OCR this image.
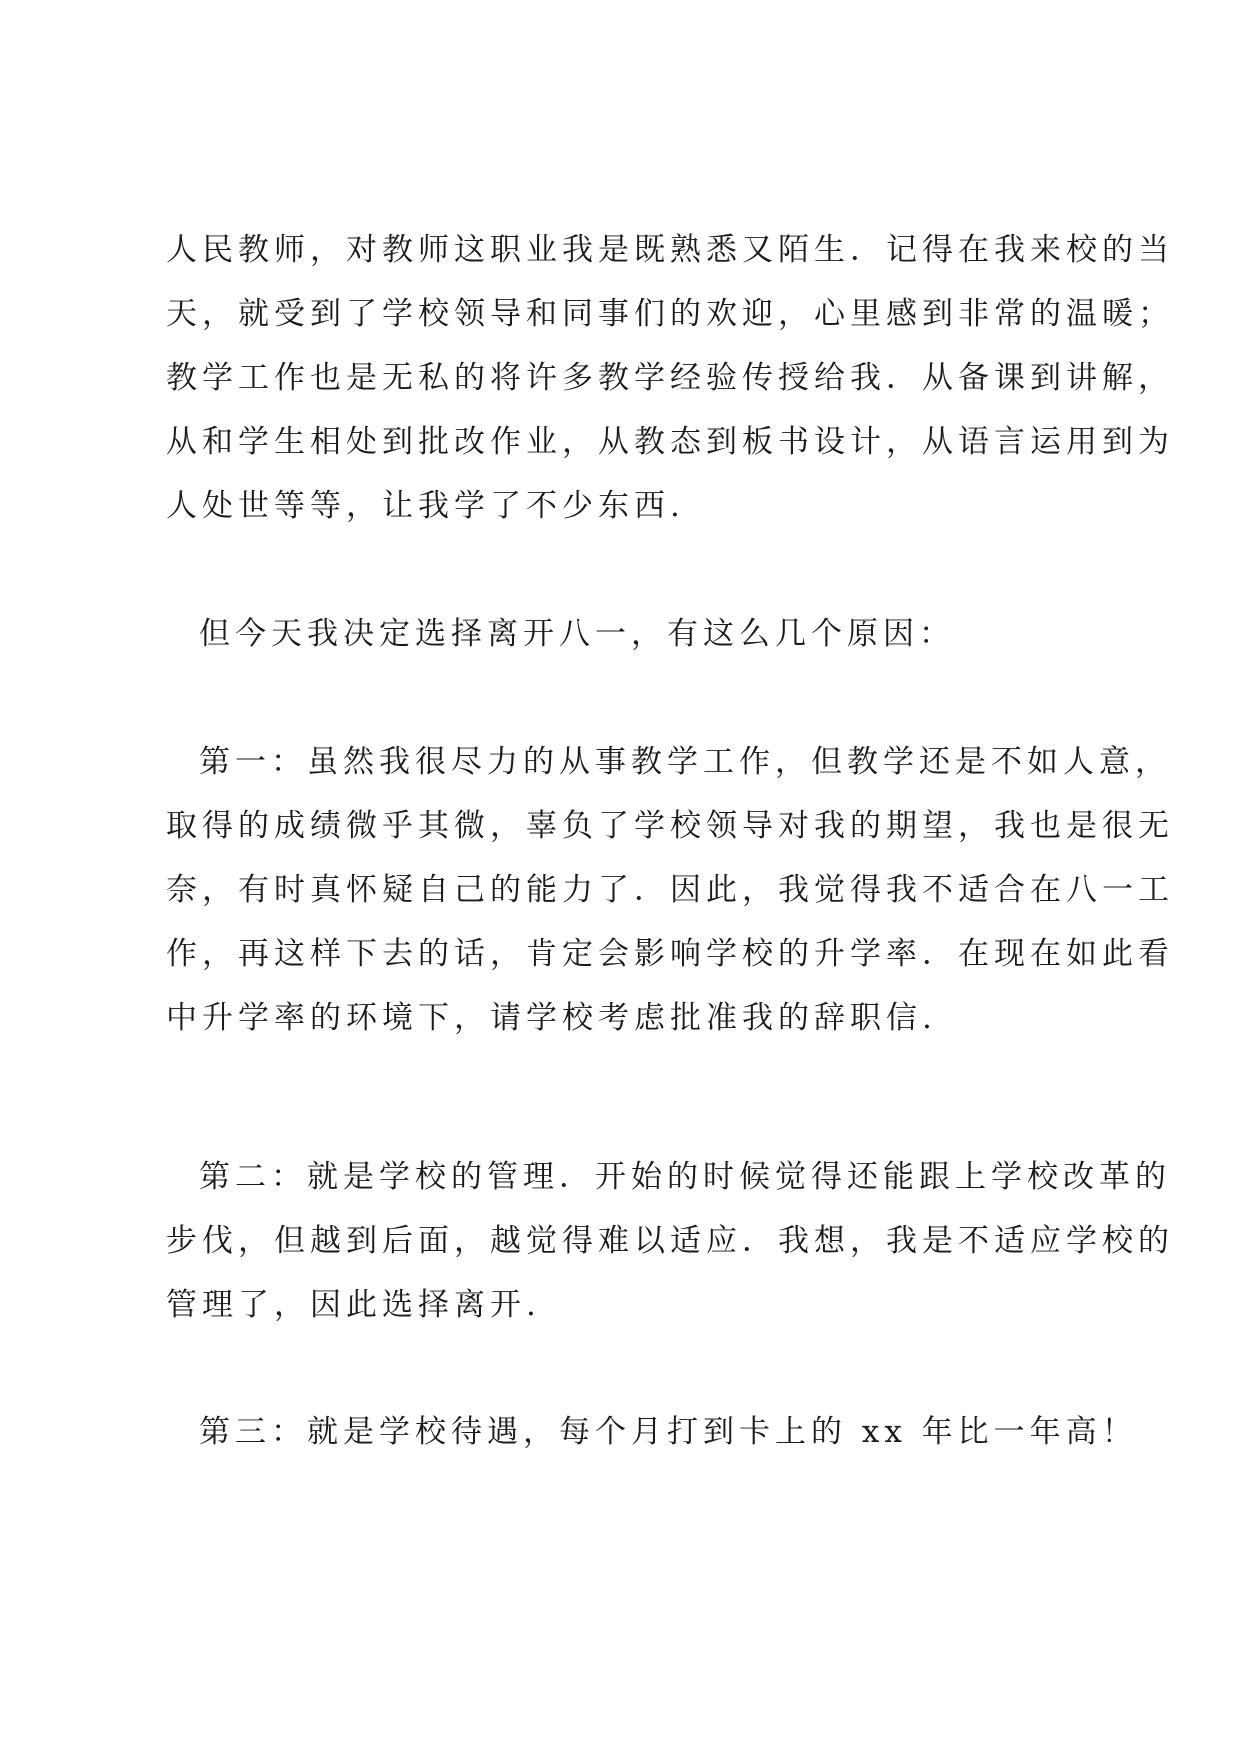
人民教师，对教师这职业我是既熟悉又陌生．记得在我来校的当
天，就受到了学校领导和同事们的欢迎，心里感到非常的温暖；
教学工作也是无私的将许多教学经验传授给我．从备课到讲解，
从和学生相处到批改作业，从教态到板书设计，从语言运用到为
人处世等等，让我学了不少东西.
但今天我决定选择离开八一，有这么几个原因：
第一：虽然我很尽力的从事教学工作，但教学还是不如人意，
取得的成绩微乎其微，辜负了学校领导对我的期望，我也是很无
奈，有时真怀疑自己的能力了．因此，我觉得我不适合在八一工
作，再这样下去的话，肯定会影响学校的升学率．在现在如此看
中升学率的环境下，请学校考虑批准我的辞职信.
第二：就是学校的管理．开始的时候觉得还能跟上学校改革的
步伐，但越到后面，越觉得难以适应．我想，我是不适应学校的
管理了，因此选择离开.
第三：就是学校待遇，每个月打到卡上的 xx 年比一年高！
